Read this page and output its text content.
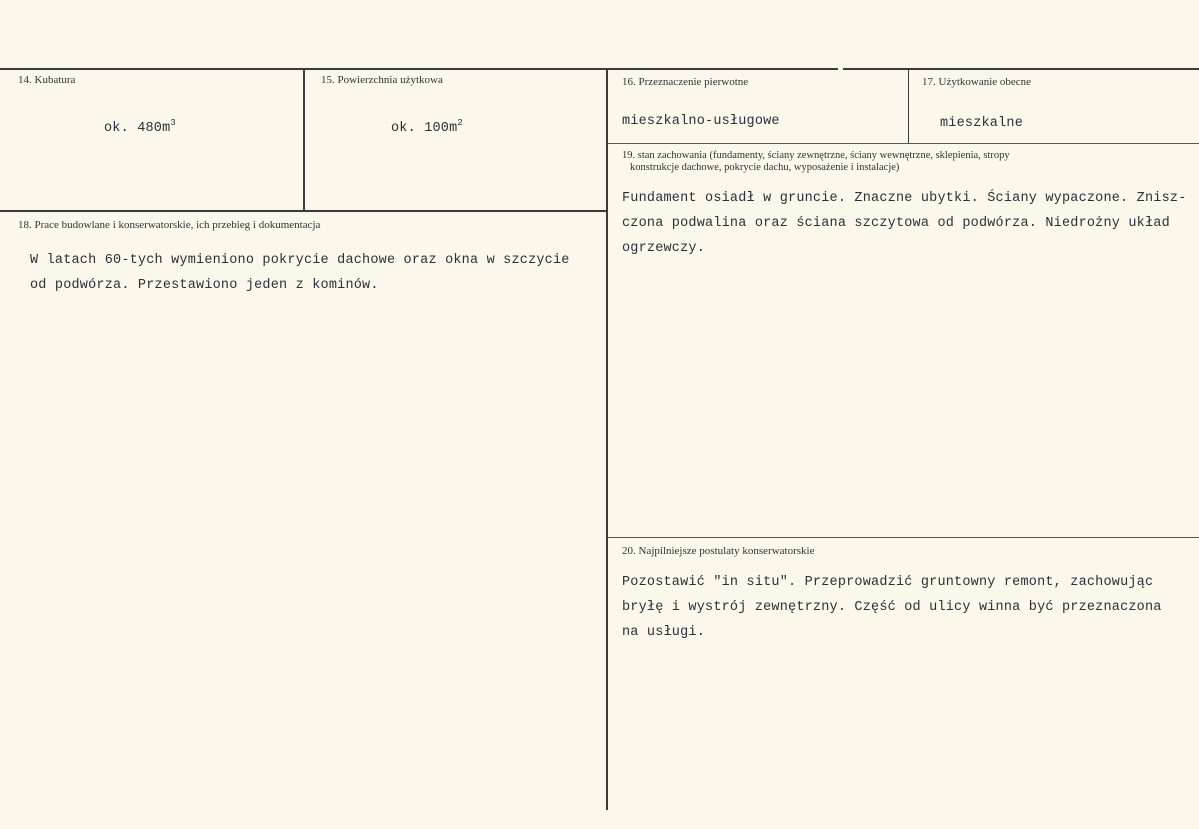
14. Kubatura
ok. $480m^3$
15. Powierzchnia użytkowa
ok. $100m^2$
16. Przeznaczenie pierwotne
mieszkalno-usługowe
17. Użytkowanie obecne
mieszkalne
18. Prace budowlane i konserwatorskie, ich przebieg i dokumentacja
W latach 60-tych wymieniono pokrycie dachowe oraz okna w szczycie
od podwórza. Przestawiono jeden z kominów.
19. stan zachowania (fundamenty, ściany zewnętrzne, ściany wewnętrzne, sklepienia, stropy
konstrukcje dachowe, pokrycie dachu, wyposażenie i instalacje)
Fundament osiadł w gruncie. Znaczne ubytki. Ściany wypaczone. Znisz-
czona podwalina oraz ściana szczytowa od podwórza. Niedrożny układ
ogrzewczy.
20. Najpilniejsze postulaty konserwatorskie
Pozostawić "in situ". Przeprowadzić gruntowny remont, zachowując
bryłę i wystrój zewnętrzny. Część od ulicy winna być przeznaczona
na usługi.
